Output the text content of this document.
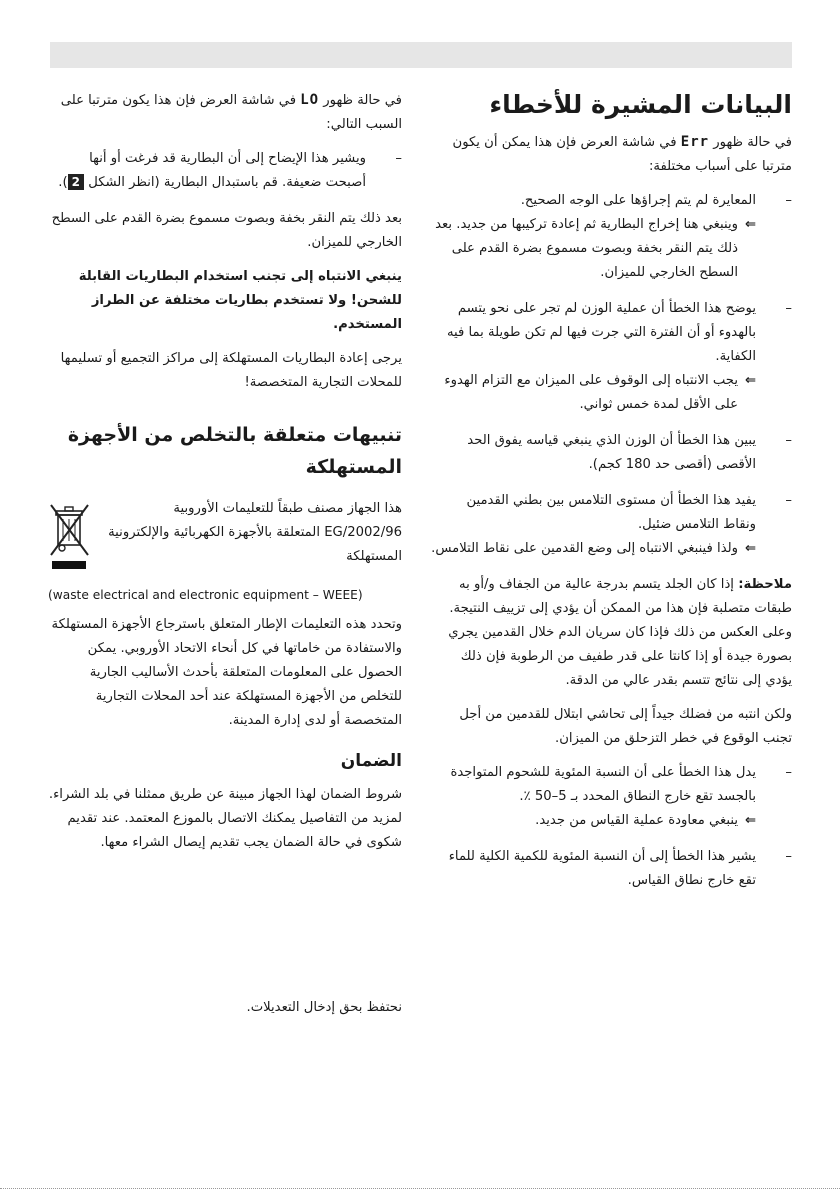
البيانات المشيرة للأخطاء

في حالة ظهور Err في شاشة العرض فإن هذا يمكن أن يكون مترتبا على أسباب مختلفة:

–
المعايرة لم يتم إجراؤها على الوجه الصحيح.
⇐
وينبغي هنا إخراج البطارية ثم إعادة تركيبها من جديد. بعد ذلك يتم النقر بخفة وبصوت مسموع بضرة القدم على السطح الخارجي للميزان.
–
يوضح هذا الخطأ أن عملية الوزن لم تجر على نحو يتسم بالهدوء أو أن الفترة التي جرت فيها لم تكن طويلة بما فيه الكفاية.
⇐
يجب الانتباه إلى الوقوف على الميزان مع التزام الهدوء على الأقل لمدة خمس ثواني.
–
يبين هذا الخطأ أن الوزن الذي ينبغي قياسه يفوق الحد الأقصى (أقصى حد 180 كجم).
–
يفيد هذا الخطأ أن مستوى التلامس بين بطني القدمين ونقاط التلامس ضئيل.
⇐
ولذا فينبغي الانتباه إلى وضع القدمين على نقاط التلامس.

ملاحظة: إذا كان الجلد يتسم بدرجة عالية من الجفاف و/أو به طبقات متصلبة فإن هذا من الممكن أن يؤدي إلى تزييف النتيجة. وعلى العكس من ذلك فإذا كان سريان الدم خلال القدمين يجري بصورة جيدة أو إذا كانتا على قدر طفيف من الرطوبة فإن ذلك يؤدي إلى نتائج تتسم بقدر عالي من الدقة.

ولكن انتبه من فضلك جيداً إلى تحاشي ابتلال للقدمين من أجل تجنب الوقوع في خطر التزحلق من الميزان.

–
يدل هذا الخطأ على أن النسبة المئوية للشحوم المتواجدة بالجسد تقع خارج النطاق المحدد بـ 5–50 ٪.
⇐
ينبغي معاودة عملية القياس من جديد.
–
يشير هذا الخطأ إلى أن النسبة المئوية للكمية الكلية للماء تقع خارج نطاق القياس.

في حالة ظهور LO في شاشة العرض فإن هذا يكون مترتبا على السبب التالي:

–
ويشير هذا الإيضاح إلى أن البطارية قد فرغت أو أنها أصبحت ضعيفة. قم باستبدال البطارية (انظر الشكل 2).

بعد ذلك يتم النقر بخفة وبصوت مسموع بضرة القدم على السطح الخارجي للميزان.

ينبغي الانتباه إلى تجنب استخدام البطاريات القابلة للشحن! ولا تستخدم بطاريات مختلفة عن الطراز المستخدم.

يرجى إعادة البطاريات المستهلكة إلى مراكز التجميع أو تسليمها للمحلات التجارية المتخصصة!

تنبيهات متعلقة بالتخلص من الأجهزة المستهلكة

هذا الجهاز مصنف طبقاً للتعليمات الأوروبية 2002/96/EG المتعلقة بالأجهزة الكهربائية والإلكترونية المستهلكة

(waste electrical and electronic equipment – WEEE)

وتحدد هذه التعليمات الإطار المتعلق باسترجاع الأجهزة المستهلكة والاستفادة من خاماتها في كل أنحاء الاتحاد الأوروبي. يمكن الحصول على المعلومات المتعلقة بأحدث الأساليب الجارية للتخلص من الأجهزة المستهلكة عند أحد المحلات التجارية المتخصصة أو لدى إدارة المدينة.

الضمان

شروط الضمان لهذا الجهاز مبينة عن طريق ممثلنا في بلد الشراء. لمزيد من التفاصيل يمكنك الاتصال بالموزع المعتمد. عند تقديم شكوى في حالة الضمان يجب تقديم إيصال الشراء معها.

نحتفظ بحق إدخال التعديلات.
